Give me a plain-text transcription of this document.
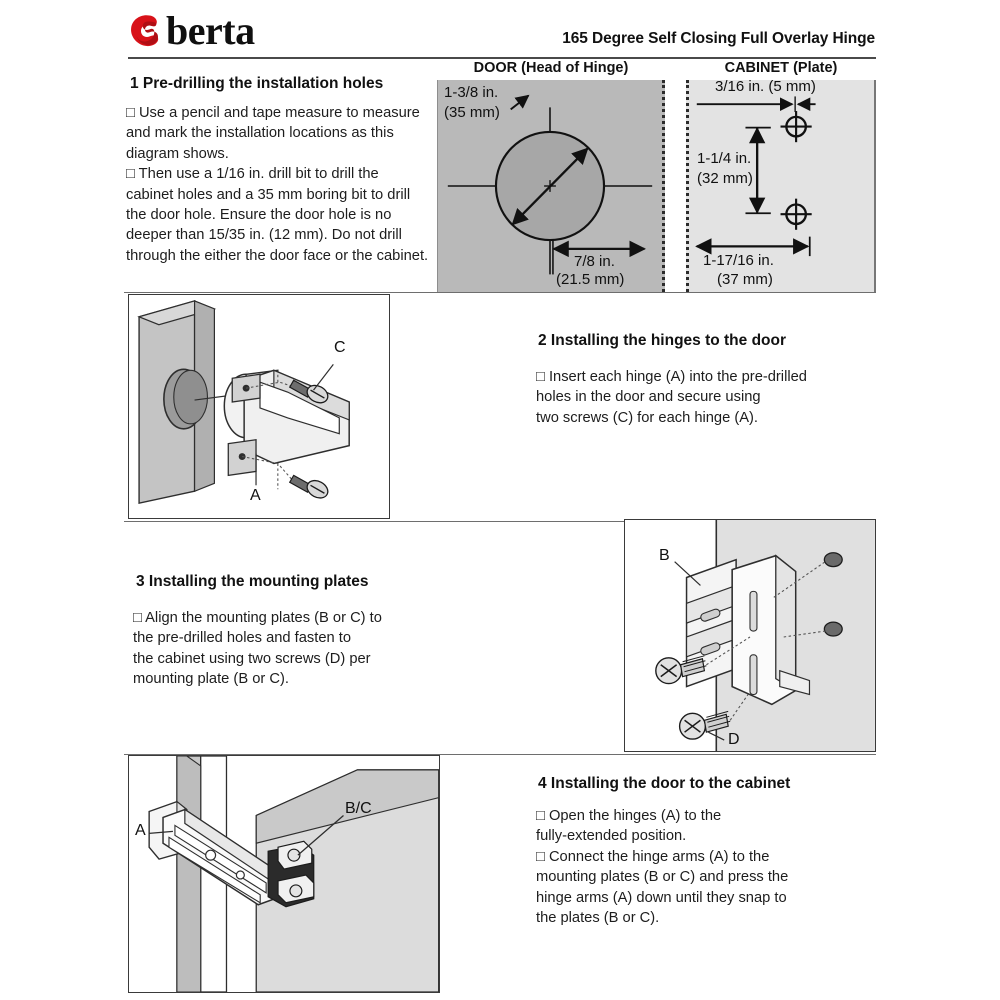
berta	165 Degree Self Closing Full Overlay Hinge
DOOR (Head of Hinge)	CABINET (Plate)
1-3/8 in.
(35 mm)
7/8 in.
(21.5 mm)
3/16 in. (5 mm)
1-1/4 in.
(32 mm)
1-17/16 in.
(37 mm)
1 Pre-drilling the installation holes

□ Use a pencil and tape measure to measure

and mark the installation locations as this

diagram shows.

□ Then use a 1/16 in. drill bit to drill the

cabinet holes and a 35 mm boring bit to drill

the door hole. Ensure the door hole is no

deeper than 15/35 in. (12 mm). Do not drill

through the either the door face or the cabinet.

C
A
2 Installing the hinges to the door

□ Insert each hinge (A) into the pre-drilled

holes in the door and secure using

two screws (C) for each hinge (A).

3 Installing the mounting plates

□ Align the mounting plates (B or C) to

the pre-drilled holes and fasten to

the cabinet using two screws (D) per

mounting plate (B or C).

B
D
A
B/C
4 Installing the door to the cabinet

□ Open the hinges (A) to the

fully-extended position.

□ Connect the hinge arms (A) to the

mounting plates (B or C) and press the

hinge arms (A) down until they snap to

the plates (B or C).
